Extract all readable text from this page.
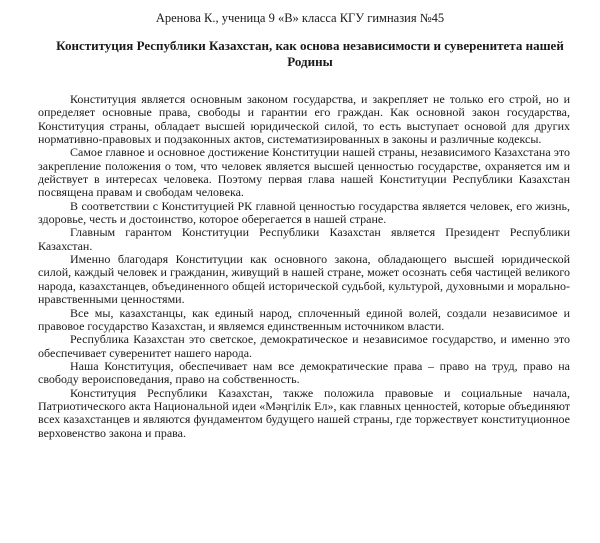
Аренова К., ученица 9 «В» класса КГУ гимназия №45
Конституция Республики Казахстан, как основа независимости и суверенитета нашей Родины

Конституция является основным законом государства, и закрепляет не только его строй, но и определяет основные права, свободы и гарантии его граждан. Как основной закон государства, Конституция страны, обладает высшей юридической силой, то есть выступает основой для других нормативно-правовых и подзаконных актов, систематизированных в законы и различные кодексы.

Самое главное и основное достижение Конституции нашей страны, независимого Казахстана это закрепление положения о том, что человек является высшей ценностью государстве, охраняется им и действует в интересах человека. Поэтому первая глава нашей Конституции Республики Казахстан посвящена правам и свободам человека.

В соответствии с Конституцией РК главной ценностью государства является человек, его жизнь, здоровье, честь и достоинство, которое оберегается в нашей стране.

Главным гарантом Конституции Республики Казахстан является Президент Республики Казахстан.

Именно благодаря Конституции как основного закона, обладающего высшей юридической силой, каждый человек и гражданин, живущий в нашей стране, может осознать себя частицей великого народа, казахстанцев, объединенного общей исторической судьбой, культурой, духовными и морально-нравственными ценностями.

Все мы, казахстанцы, как единый народ, сплоченный единой волей, создали независимое и правовое государство Казахстан, и являемся единственным источником власти.

Республика Казахстан это светское, демократическое и независимое государство, и именно это обеспечивает суверенитет нашего народа.

Наша Конституция, обеспечивает нам все демократические права – право на труд, право на свободу вероисповедания, право на собственность.

Конституция Республики Казахстан, также положила правовые и социальные начала, Патриотического акта Национальной идеи «Мәңгілік Ел», как главных ценностей, которые объединяют всех казахстанцев и являются фундаментом будущего нашей страны, где торжествует конституционное верховенство закона и права.
